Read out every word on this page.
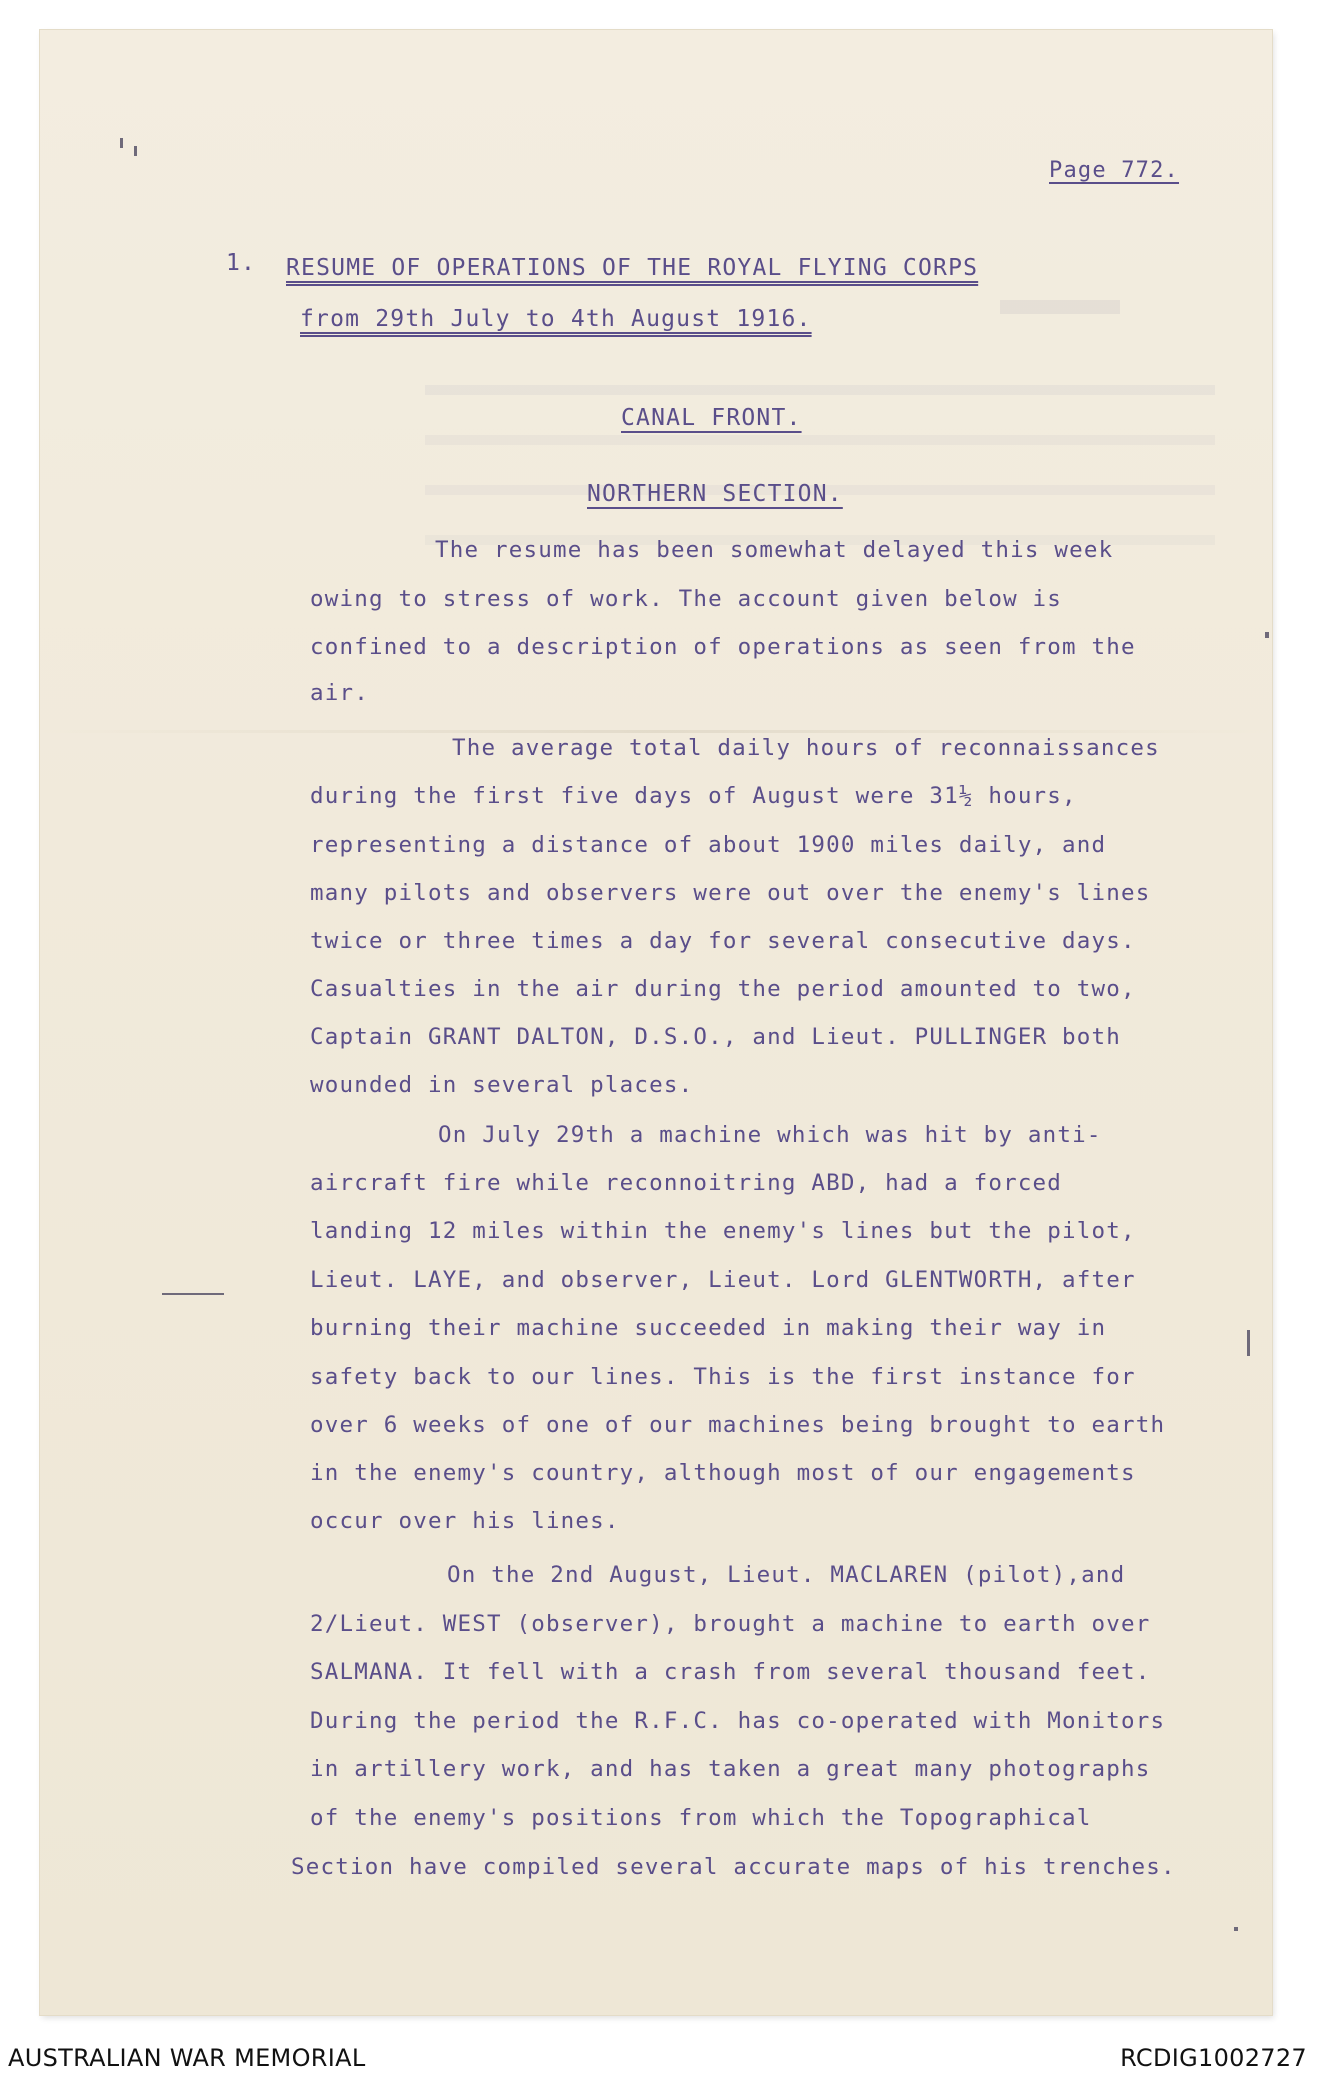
Page 772.
1. RESUME OF OPERATIONS OF THE ROYAL FLYING CORPS
from 29th July to 4th August 1916.
CANAL FRONT.
NORTHERN SECTION.
The resume has been somewhat delayed this week
owing to stress of work. The account given below is
confined to a description of operations as seen from the
air.
The average total daily hours of reconnaissances
during the first five days of August were 31½ hours,
representing a distance of about 1900 miles daily, and
many pilots and observers were out over the enemy's lines
twice or three times a day for several consecutive days.
Casualties in the air during the period amounted to two,
Captain GRANT DALTON, D.S.O., and Lieut. PULLINGER both
wounded in several places.
On July 29th a machine which was hit by anti-
aircraft fire while reconnoitring ABD, had a forced
landing 12 miles within the enemy's lines but the pilot,
Lieut. LAYE, and observer, Lieut. Lord GLENTWORTH, after
burning their machine succeeded in making their way in
safety back to our lines. This is the first instance for
over 6 weeks of one of our machines being brought to earth
in the enemy's country, although most of our engagements
occur over his lines.
On the 2nd August, Lieut. MACLAREN (pilot),and
2/Lieut. WEST (observer), brought a machine to earth over
SALMANA. It fell with a crash from several thousand feet.
During the period the R.F.C. has co-operated with Monitors
in artillery work, and has taken a great many photographs
of the enemy's positions from which the Topographical
Section have compiled several accurate maps of his trenches.
AUSTRALIAN WAR MEMORIAL	RCDIG1002727
